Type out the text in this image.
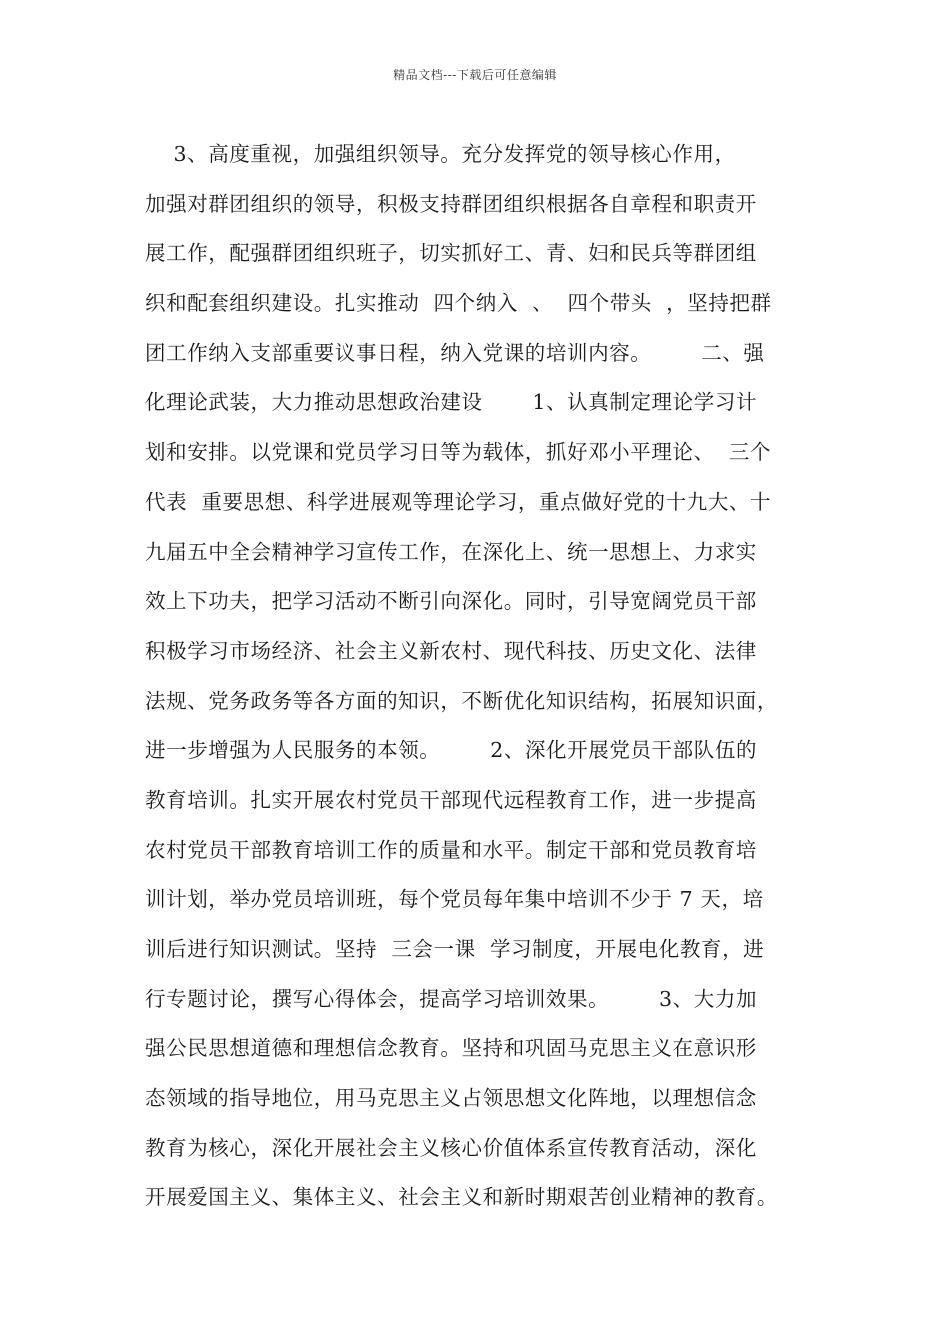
精品文档---下载后可任意编辑
3、高度重视，加强组织领导。充分发挥党的领导核心作用，
加强对群团组织的领导，积极支持群团组织根据各自章程和职责开
展工作，配强群团组织班子，切实抓好工、青、妇和民兵等群团组
织和配套组织建设。扎实推动  四个纳入  、  四个带头  ，坚持把群
团工作纳入支部重要议事日程，纳入党课的培训内容。       二、强
化理论武装，大力推动思想政治建设       1、认真制定理论学习计
划和安排。以党课和党员学习日等为载体，抓好邓小平理论、  三个
代表  重要思想、科学进展观等理论学习，重点做好党的十九大、十
九届五中全会精神学习宣传工作，在深化上、统一思想上、力求实
效上下功夫，把学习活动不断引向深化。同时，引导宽阔党员干部
积极学习市场经济、社会主义新农村、现代科技、历史文化、法律
法规、党务政务等各方面的知识，不断优化知识结构，拓展知识面，
进一步增强为人民服务的本领。       2、深化开展党员干部队伍的
教育培训。扎实开展农村党员干部现代远程教育工作，进一步提高
农村党员干部教育培训工作的质量和水平。制定干部和党员教育培
训计划，举办党员培训班，每个党员每年集中培训不少于 7 天，培
训后进行知识测试。坚持  三会一课  学习制度，开展电化教育，进
行专题讨论，撰写心得体会，提高学习培训效果。       3、大力加
强公民思想道德和理想信念教育。坚持和巩固马克思主义在意识形
态领域的指导地位，用马克思主义占领思想文化阵地，以理想信念
教育为核心，深化开展社会主义核心价值体系宣传教育活动，深化
开展爱国主义、集体主义、社会主义和新时期艰苦创业精神的教育。
